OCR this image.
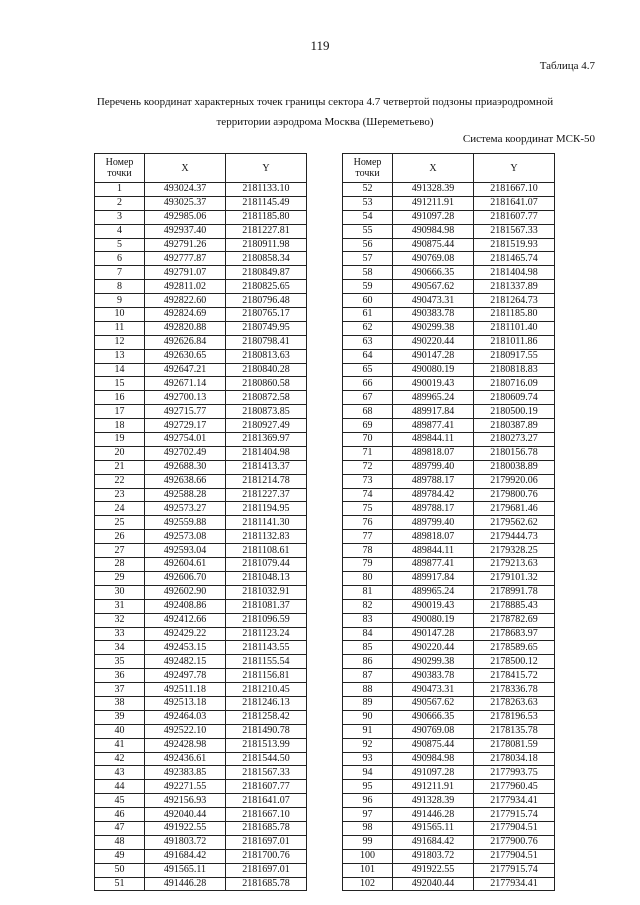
119
Таблица 4.7
Перечень координат характерных точек границы сектора 4.7 четвертой подзоны приаэродромной
территории аэродрома Москва (Шереметьево)
Система координат МСК-50
Номер точки	X	Y
1	493024.37	2181133.10
2	493025.37	2181145.49
3	492985.06	2181185.80
4	492937.40	2181227.81
5	492791.26	2180911.98
6	492777.87	2180858.34
7	492791.07	2180849.87
8	492811.02	2180825.65
9	492822.60	2180796.48
10	492824.69	2180765.17
11	492820.88	2180749.95
12	492626.84	2180798.41
13	492630.65	2180813.63
14	492647.21	2180840.28
15	492671.14	2180860.58
16	492700.13	2180872.58
17	492715.77	2180873.85
18	492729.17	2180927.49
19	492754.01	2181369.97
20	492702.49	2181404.98
21	492688.30	2181413.37
22	492638.66	2181214.78
23	492588.28	2181227.37
24	492573.27	2181194.95
25	492559.88	2181141.30
26	492573.08	2181132.83
27	492593.04	2181108.61
28	492604.61	2181079.44
29	492606.70	2181048.13
30	492602.90	2181032.91
31	492408.86	2181081.37
32	492412.66	2181096.59
33	492429.22	2181123.24
34	492453.15	2181143.55
35	492482.15	2181155.54
36	492497.78	2181156.81
37	492511.18	2181210.45
38	492513.18	2181246.13
39	492464.03	2181258.42
40	492522.10	2181490.78
41	492428.98	2181513.99
42	492436.61	2181544.50
43	492383.85	2181567.33
44	492271.55	2181607.77
45	492156.93	2181641.07
46	492040.44	2181667.10
47	491922.55	2181685.78
48	491803.72	2181697.01
49	491684.42	2181700.76
50	491565.11	2181697.01
51	491446.28	2181685.78
Номер точки	X	Y
52	491328.39	2181667.10
53	491211.91	2181641.07
54	491097.28	2181607.77
55	490984.98	2181567.33
56	490875.44	2181519.93
57	490769.08	2181465.74
58	490666.35	2181404.98
59	490567.62	2181337.89
60	490473.31	2181264.73
61	490383.78	2181185.80
62	490299.38	2181101.40
63	490220.44	2181011.86
64	490147.28	2180917.55
65	490080.19	2180818.83
66	490019.43	2180716.09
67	489965.24	2180609.74
68	489917.84	2180500.19
69	489877.41	2180387.89
70	489844.11	2180273.27
71	489818.07	2180156.78
72	489799.40	2180038.89
73	489788.17	2179920.06
74	489784.42	2179800.76
75	489788.17	2179681.46
76	489799.40	2179562.62
77	489818.07	2179444.73
78	489844.11	2179328.25
79	489877.41	2179213.63
80	489917.84	2179101.32
81	489965.24	2178991.78
82	490019.43	2178885.43
83	490080.19	2178782.69
84	490147.28	2178683.97
85	490220.44	2178589.65
86	490299.38	2178500.12
87	490383.78	2178415.72
88	490473.31	2178336.78
89	490567.62	2178263.63
90	490666.35	2178196.53
91	490769.08	2178135.78
92	490875.44	2178081.59
93	490984.98	2178034.18
94	491097.28	2177993.75
95	491211.91	2177960.45
96	491328.39	2177934.41
97	491446.28	2177915.74
98	491565.11	2177904.51
99	491684.42	2177900.76
100	491803.72	2177904.51
101	491922.55	2177915.74
102	492040.44	2177934.41
